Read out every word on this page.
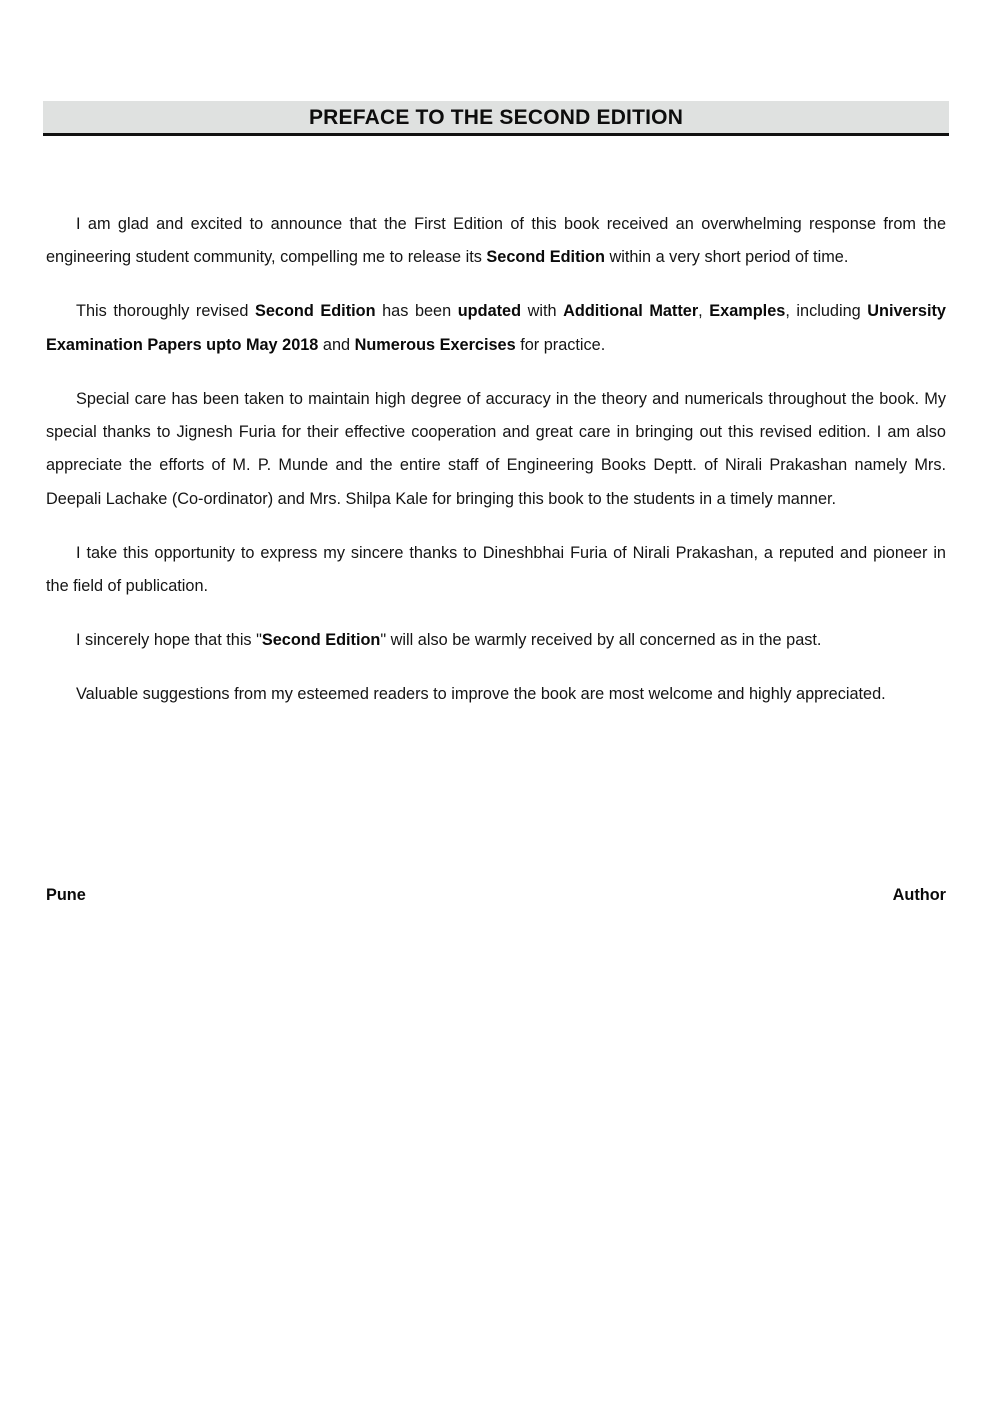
PREFACE TO THE SECOND EDITION

I am glad and excited to announce that the First Edition of this book received an overwhelming response from the engineering student community, compelling me to release its Second Edition within a very short period of time.

This thoroughly revised Second Edition has been updated with Additional Matter, Examples, including University Examination Papers upto May 2018 and Numerous Exercises for practice.

Special care has been taken to maintain high degree of accuracy in the theory and numericals throughout the book. My special thanks to Jignesh Furia for their effective cooperation and great care in bringing out this revised edition. I am also appreciate the efforts of M. P. Munde and the entire staff of Engineering Books Deptt. of Nirali Prakashan namely Mrs. Deepali Lachake (Co-ordinator) and Mrs. Shilpa Kale for bringing this book to the students in a timely manner.

I take this opportunity to express my sincere thanks to Dineshbhai Furia of Nirali Prakashan, a reputed and pioneer in the field of publication.

I sincerely hope that this "Second Edition" will also be warmly received by all concerned as in the past.

Valuable suggestions from my esteemed readers to improve the book are most welcome and highly appreciated.

Pune	Author
